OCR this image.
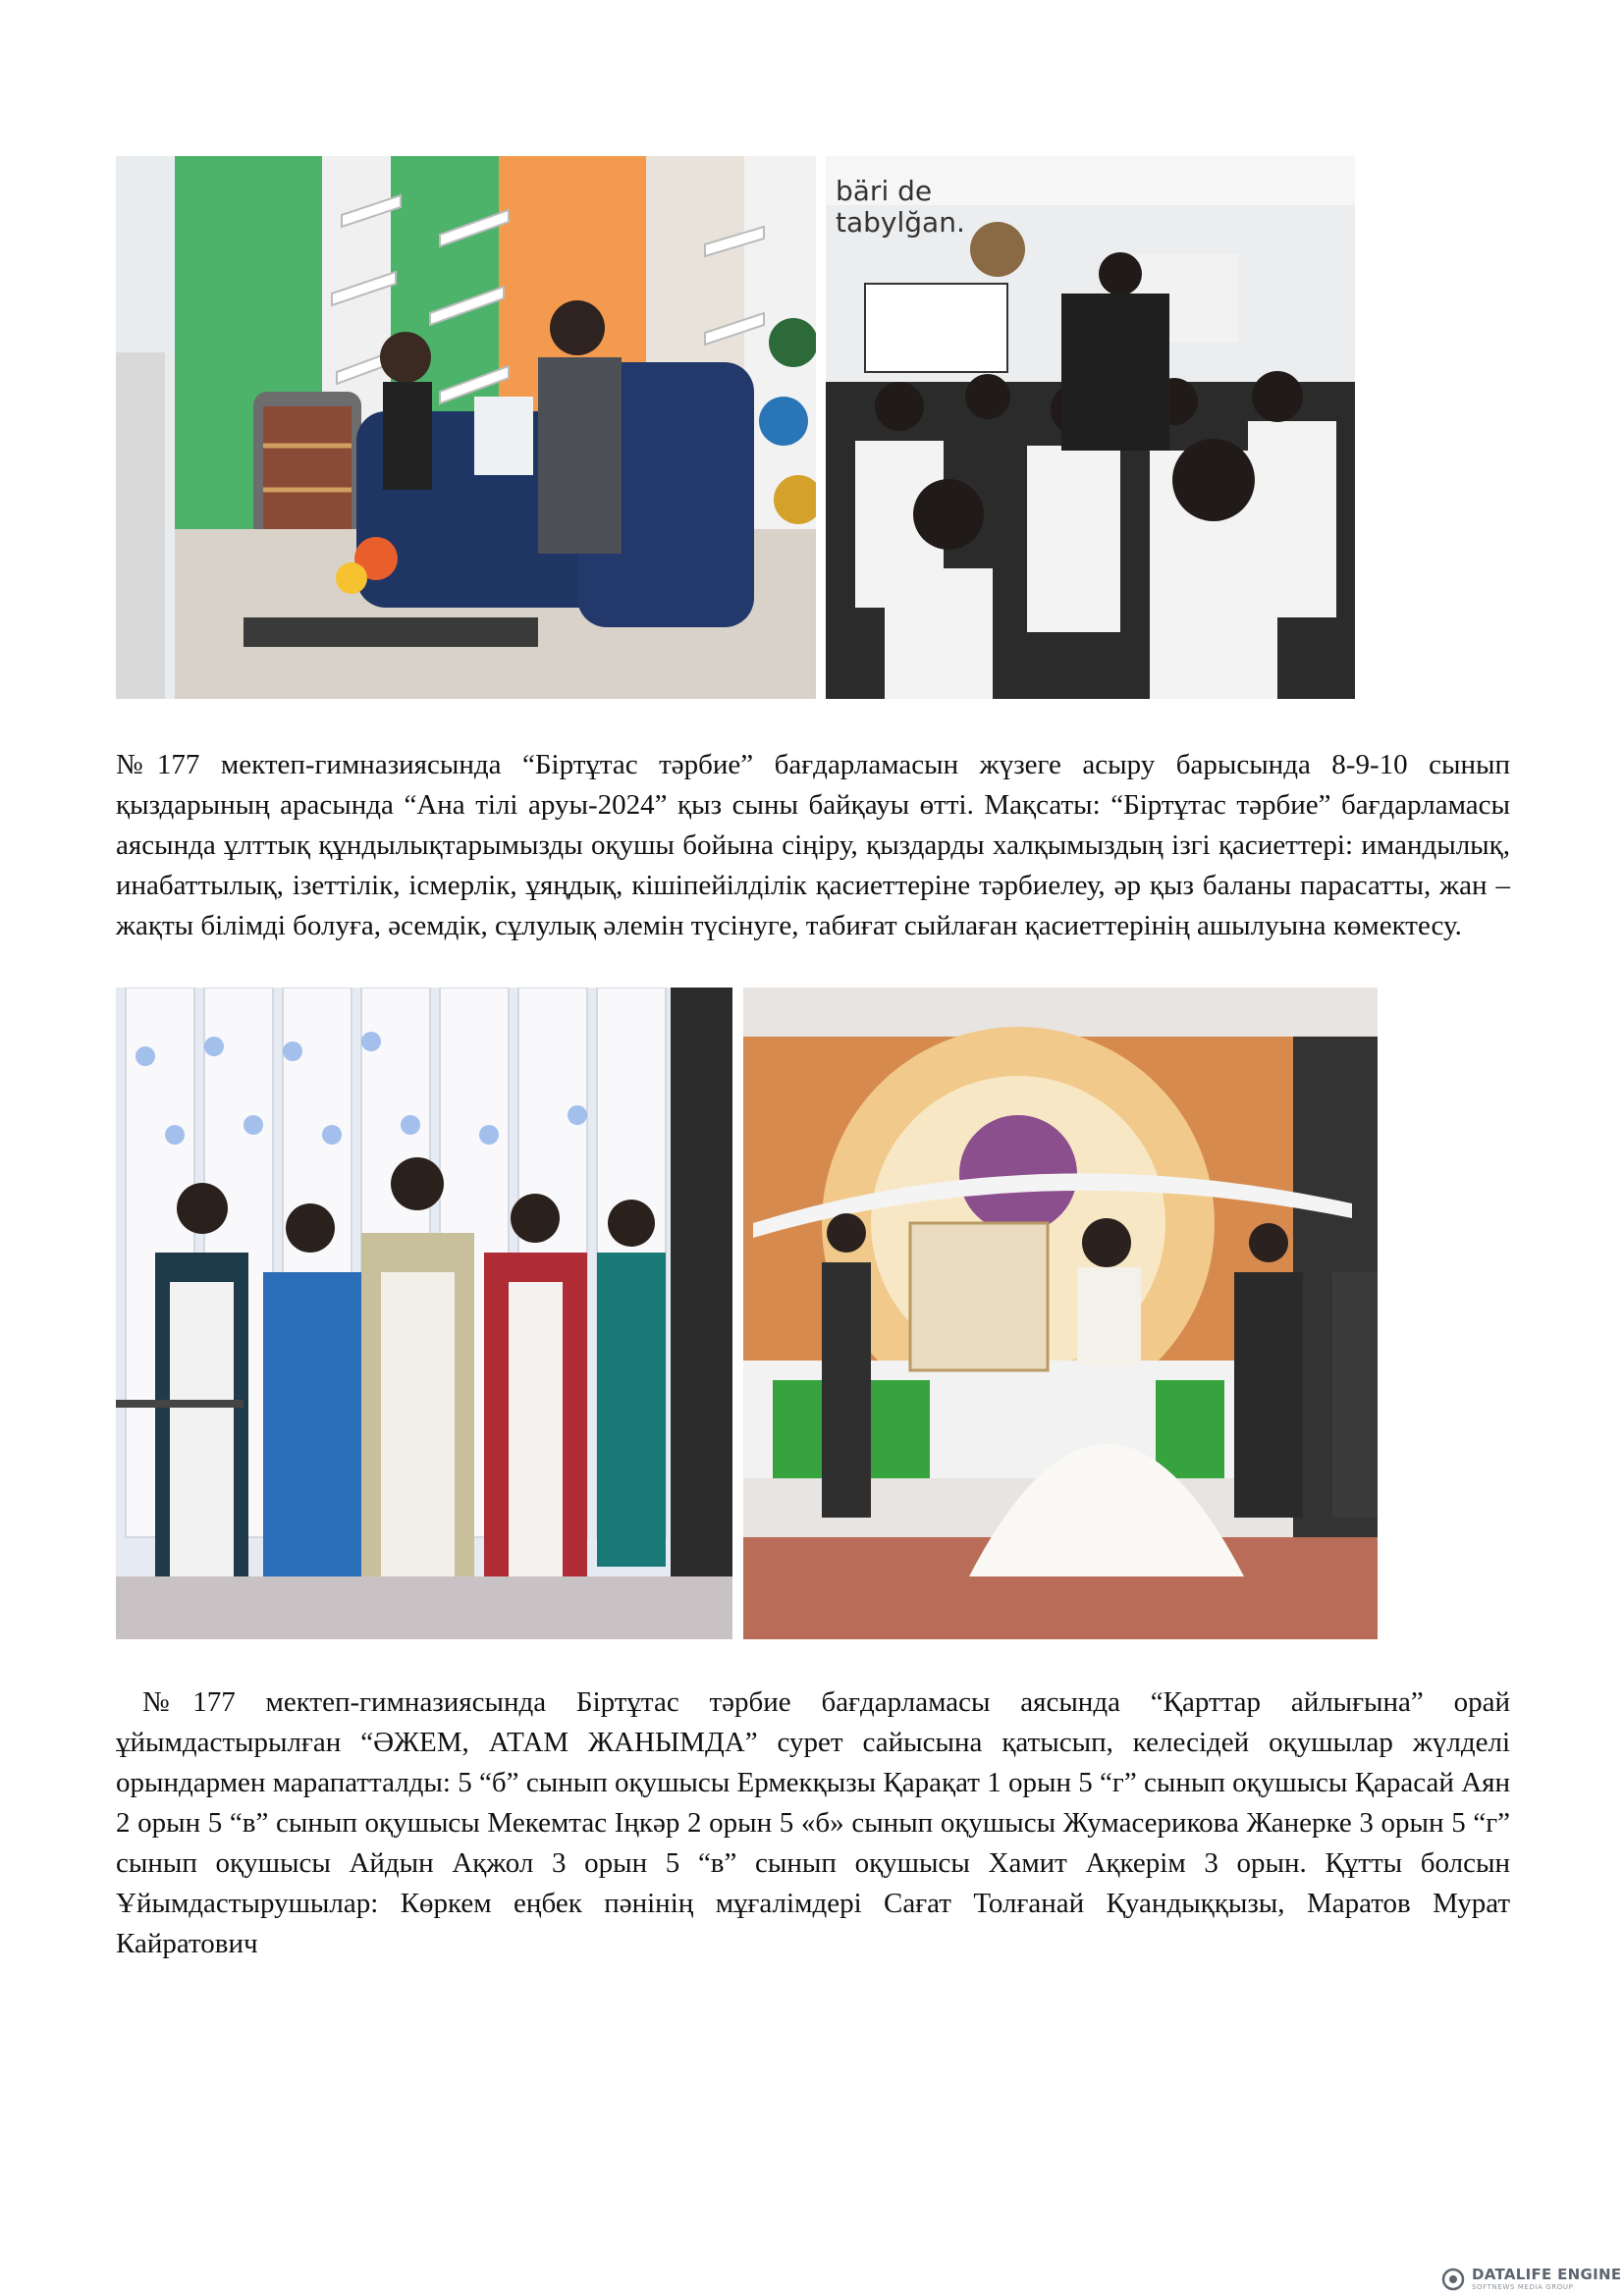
bäri de tabylğan.

№177 мектеп-гимназиясында “Біртұтас тәрбие” бағдарламасын жүзеге асыру барысында 8-9-10 сынып қыздарының арасында “Ана тілі аруы-2024” қыз сыны байқауы өтті. Мақсаты: “Біртұтас тәрбие” бағдарламасы аясында ұлттық құндылықтарымызды оқушы бойына сіңіру, қыздарды халқымыздың ізгі қасиеттері: имандылық, инабаттылық, ізеттілік, ісмерлік, ұяңдық, кішіпейілділік қасиеттеріне тәрбиелеу, әр қыз баланы парасатты, жан – жақты білімді болуға, әсемдік, сұлулық әлемін түсінуге, табиғат сыйлаған қасиеттерінің ашылуына көмектесу.

№177 мектеп-гимназиясында Біртұтас тәрбие бағдарламасы аясында “Қарттар айлығына” орай ұйымдастырылған “ӘЖЕМ, АТАМ ЖАНЫМДА” сурет сайысына қатысып, келесідей оқушылар жүлделі орындармен марапатталды: 5 “б” сынып оқушысы Ермекқызы Қарақат 1 орын 5 “г” сынып оқушысы Қарасай Аян 2 орын 5 “в” сынып оқушысы Мекемтас Іңкәр 2 орын 5 «б» сынып оқушысы Жумасерикова Жанерке 3 орын 5 “г” сынып оқушысы Айдын Ақжол 3 орын 5 “в” сынып оқушысы Хамит Ақкерім 3 орын. Құтты болсын Ұйымдастырушылар: Көркем еңбек пәнінің мұғалімдері Сағат Толғанай Қуандыққызы, Маратов Мурат Кайратович

DATALIFE ENGINE
SOFTNEWS MEDIA GROUP
